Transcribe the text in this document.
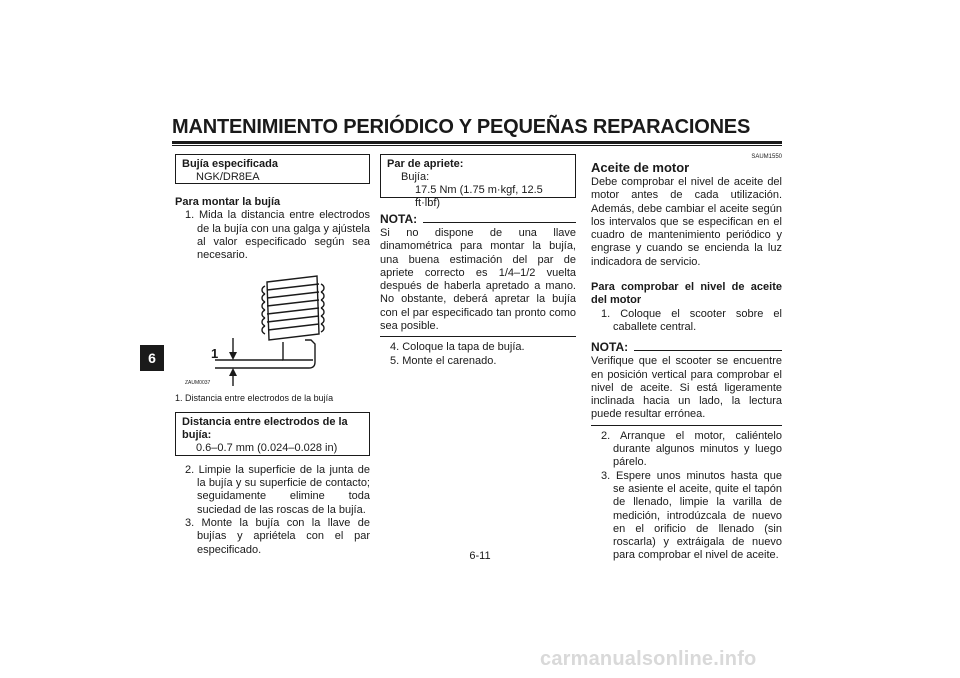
MANTENIMIENTO PERIÓDICO Y PEQUEÑAS REPARACIONES
6
Bujía especificada
NGK/DR8EA
Para montar la bujía
1. Mida la distancia entre electrodos de la bujía con una galga y ajústela al valor especificado según sea necesario.
1
ZAUM0037
1. Distancia entre electrodos de la bujía
Distancia entre electrodos de la bujía:
0.6–0.7 mm (0.024–0.028 in)
2. Limpie la superficie de la junta de la bujía y su superficie de contacto; seguidamente elimine toda suciedad de las roscas de la bujía.
3. Monte la bujía con la llave de bujías y apriétela con el par especificado.
Par de apriete:
Bujía:
17.5 Nm (1.75 m·kgf, 12.5 ft·lbf)
NOTA:
Si no dispone de una llave dinamométrica para montar la bujía, una buena estimación del par de apriete correcto es 1/4–1/2 vuelta después de haberla apretado a mano. No obstante, deberá apretar la bujía con el par especificado tan pronto como sea posible.
4. Coloque la tapa de bujía.
5. Monte el carenado.
SAUM1550
Aceite de motor
Debe comprobar el nivel de aceite del motor antes de cada utilización. Además, debe cambiar el aceite según los intervalos que se especifican en el cuadro de mantenimiento periódico y engrase y cuando se encienda la luz indicadora de servicio.
Para comprobar el nivel de aceite del motor
1. Coloque el scooter sobre el caballete central.
NOTA:
Verifique que el scooter se encuentre en posición vertical para comprobar el nivel de aceite. Si está ligeramente inclinada hacia un lado, la lectura puede resultar errónea.
2. Arranque el motor, caliéntelo durante algunos minutos y luego párelo.
3. Espere unos minutos hasta que se asiente el aceite, quite el tapón de llenado, limpie la varilla de medición, introdúzcala de nuevo en el orificio de llenado (sin roscarla) y extráigala de nuevo para comprobar el nivel de aceite.
6-11
carmanualsonline.info
